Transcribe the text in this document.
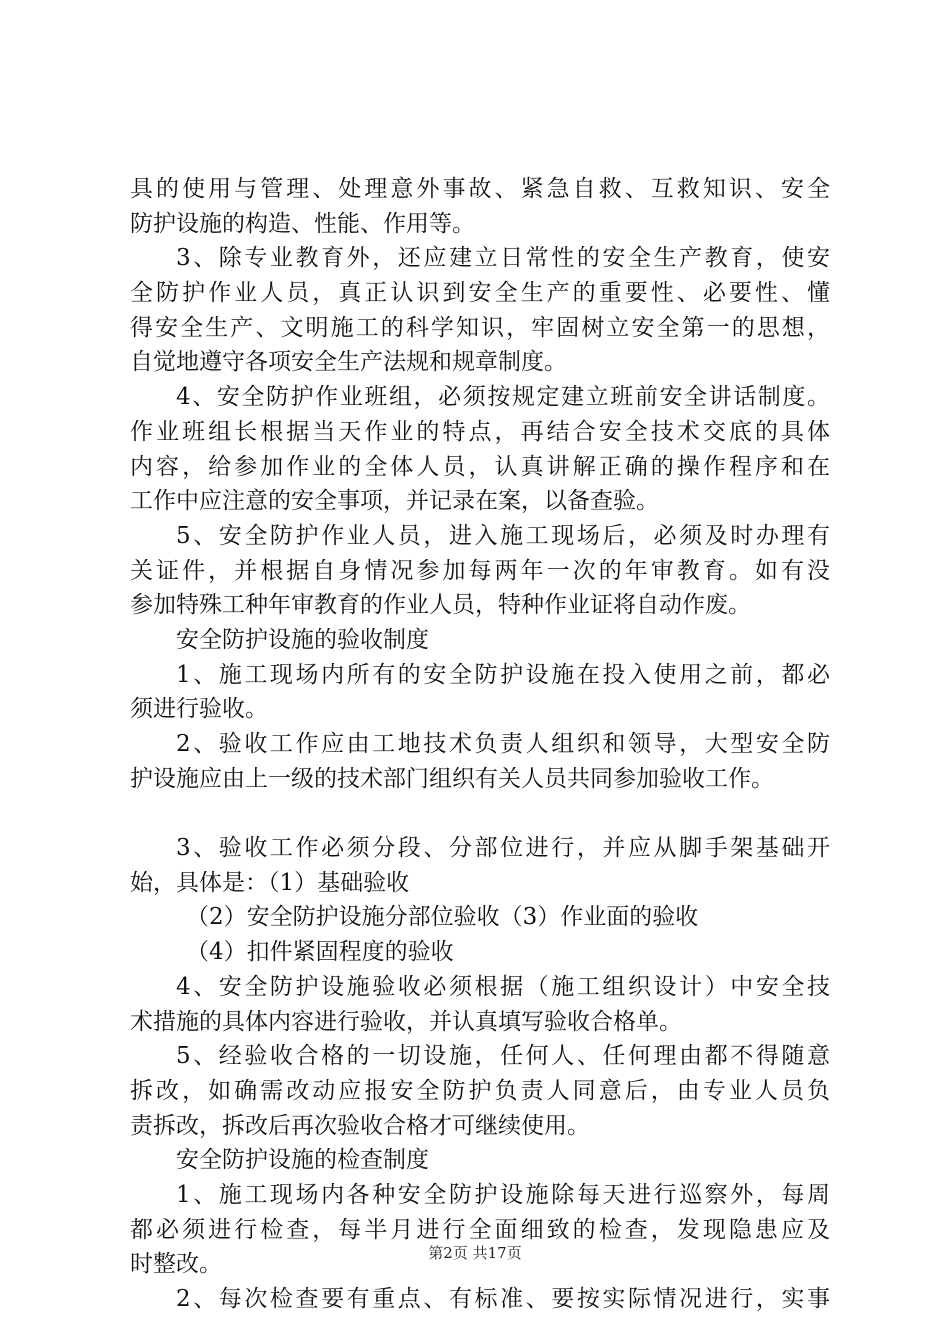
具的使用与管理、处理意外事故、紧急自救、互救知识、安全
防护设施的构造、性能、作用等。
3、除专业教育外，还应建立日常性的安全生产教育，使安
全防护作业人员，真正认识到安全生产的重要性、必要性、懂
得安全生产、文明施工的科学知识，牢固树立安全第一的思想，
自觉地遵守各项安全生产法规和规章制度。
4、安全防护作业班组，必须按规定建立班前安全讲话制度。
作业班组长根据当天作业的特点，再结合安全技术交底的具体
内容，给参加作业的全体人员，认真讲解正确的操作程序和在
工作中应注意的安全事项，并记录在案，以备查验。
5、安全防护作业人员，进入施工现场后，必须及时办理有
关证件，并根据自身情况参加每两年一次的年审教育。如有没
参加特殊工种年审教育的作业人员，特种作业证将自动作废。
安全防护设施的验收制度
1、施工现场内所有的安全防护设施在投入使用之前，都必
须进行验收。
2、验收工作应由工地技术负责人组织和领导，大型安全防
护设施应由上一级的技术部门组织有关人员共同参加验收工作。
3、验收工作必须分段、分部位进行，并应从脚手架基础开
始，具体是：（1）基础验收
（2）安全防护设施分部位验收（3）作业面的验收
（4）扣件紧固程度的验收
4、安全防护设施验收必须根据（施工组织设计）中安全技
术措施的具体内容进行验收，并认真填写验收合格单。
5、经验收合格的一切设施，任何人、任何理由都不得随意
拆改，如确需改动应报安全防护负责人同意后，由专业人员负
责拆改，拆改后再次验收合格才可继续使用。
安全防护设施的检查制度
1、施工现场内各种安全防护设施除每天进行巡察外，每周
都必须进行检查，每半月进行全面细致的检查，发现隐患应及
时整改。
2、每次检查要有重点、有标准、要按实际情况进行，实事
第2页 共17页
